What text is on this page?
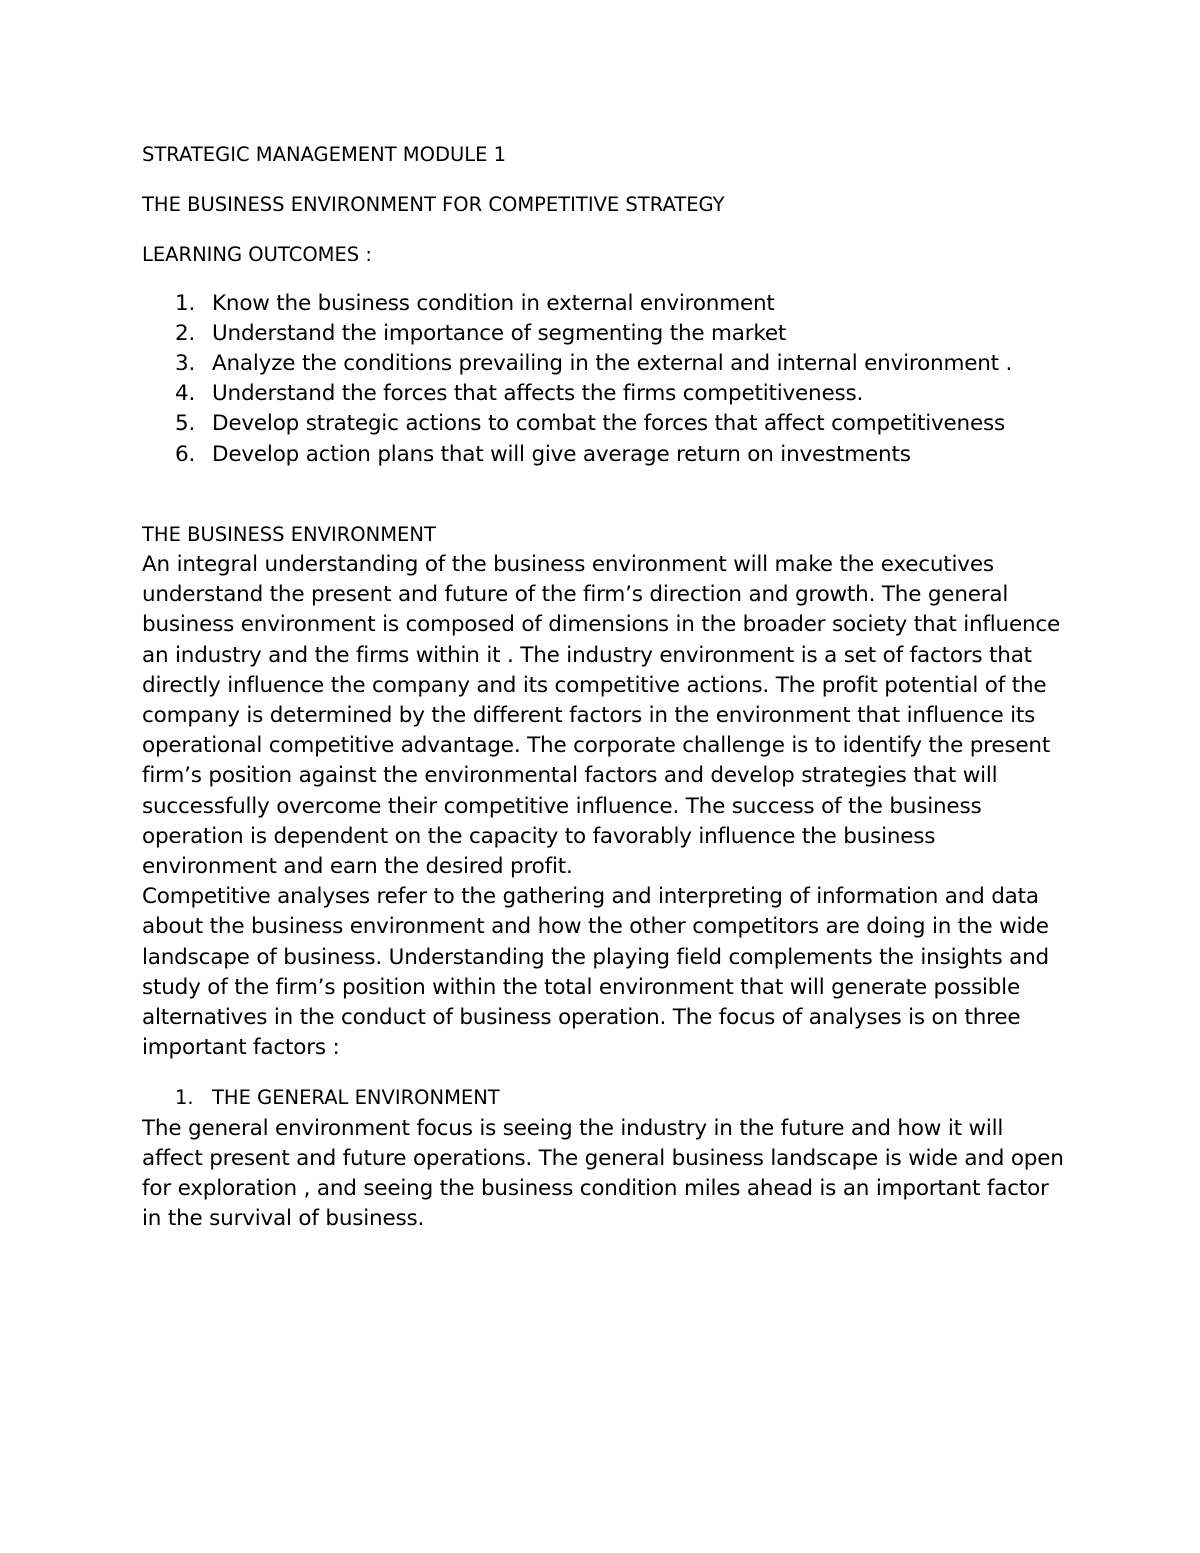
STRATEGIC MANAGEMENT MODULE 1
THE BUSINESS ENVIRONMENT FOR COMPETITIVE STRATEGY
LEARNING OUTCOMES :
1. Know the business condition in external environment
2. Understand the importance of segmenting the market
3. Analyze the conditions prevailing in the external and internal environment .
4. Understand the forces that affects the firms competitiveness.
5. Develop strategic actions to combat the forces that affect competitiveness
6. Develop action plans that will give average return on investments
THE BUSINESS ENVIRONMENT

An integral understanding of the business environment will make the executives understand the present and future of the firm’s direction and growth. The general business environment is composed of dimensions in the broader society that influence an industry and the firms within it . The industry environment is a set of factors that directly influence the company and its competitive actions. The profit potential of the company is determined by the different factors in the environment that influence its operational competitive advantage. The corporate challenge is to identify the present firm’s position against the environmental factors and develop strategies that will successfully overcome their competitive influence. The success of the business operation is dependent on the capacity to favorably influence the business environment and earn the desired profit.

Competitive analyses refer to the gathering and interpreting of information and data about the business environment and how the other competitors are doing in the wide landscape of business. Understanding the playing field complements the insights and study of the firm’s position within the total environment that will generate possible alternatives in the conduct of business operation. The focus of analyses is on three important factors :

1. THE GENERAL ENVIRONMENT

The general environment focus is seeing the industry in the future and how it will affect present and future operations. The general business landscape is wide and open for exploration , and seeing the business condition miles ahead is an important factor in the survival of business.
